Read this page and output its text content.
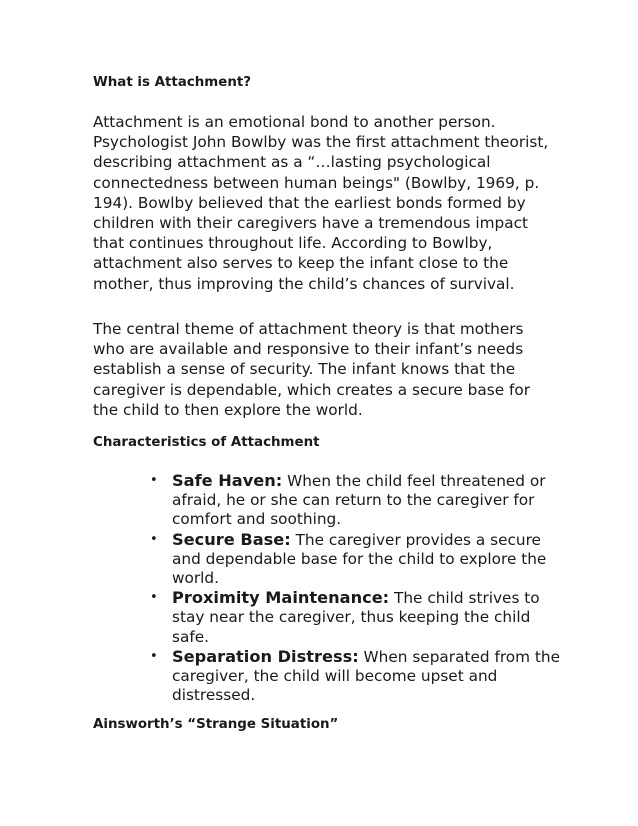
What is Attachment?

Attachment is an emotional bond to another person. Psychologist John Bowlby was the first attachment theorist, describing attachment as a “…lasting psychological connectedness between human beings" (Bowlby, 1969, p. 194). Bowlby believed that the earliest bonds formed by children with their caregivers have a tremendous impact that continues throughout life. According to Bowlby, attachment also serves to keep the infant close to the mother, thus improving the child’s chances of survival.

The central theme of attachment theory is that mothers who are available and responsive to their infant’s needs establish a sense of security. The infant knows that the caregiver is dependable, which creates a secure base for the child to then explore the world.

Characteristics of Attachment
• Safe Haven: When the child feel threatened or afraid, he or she can return to the caregiver for comfort and soothing.
• Secure Base: The caregiver provides a secure and dependable base for the child to explore the world.
• Proximity Maintenance: The child strives to stay near the caregiver, thus keeping the child safe.
• Separation Distress: When separated from the caregiver, the child will become upset and distressed.
Ainsworth’s “Strange Situation”
